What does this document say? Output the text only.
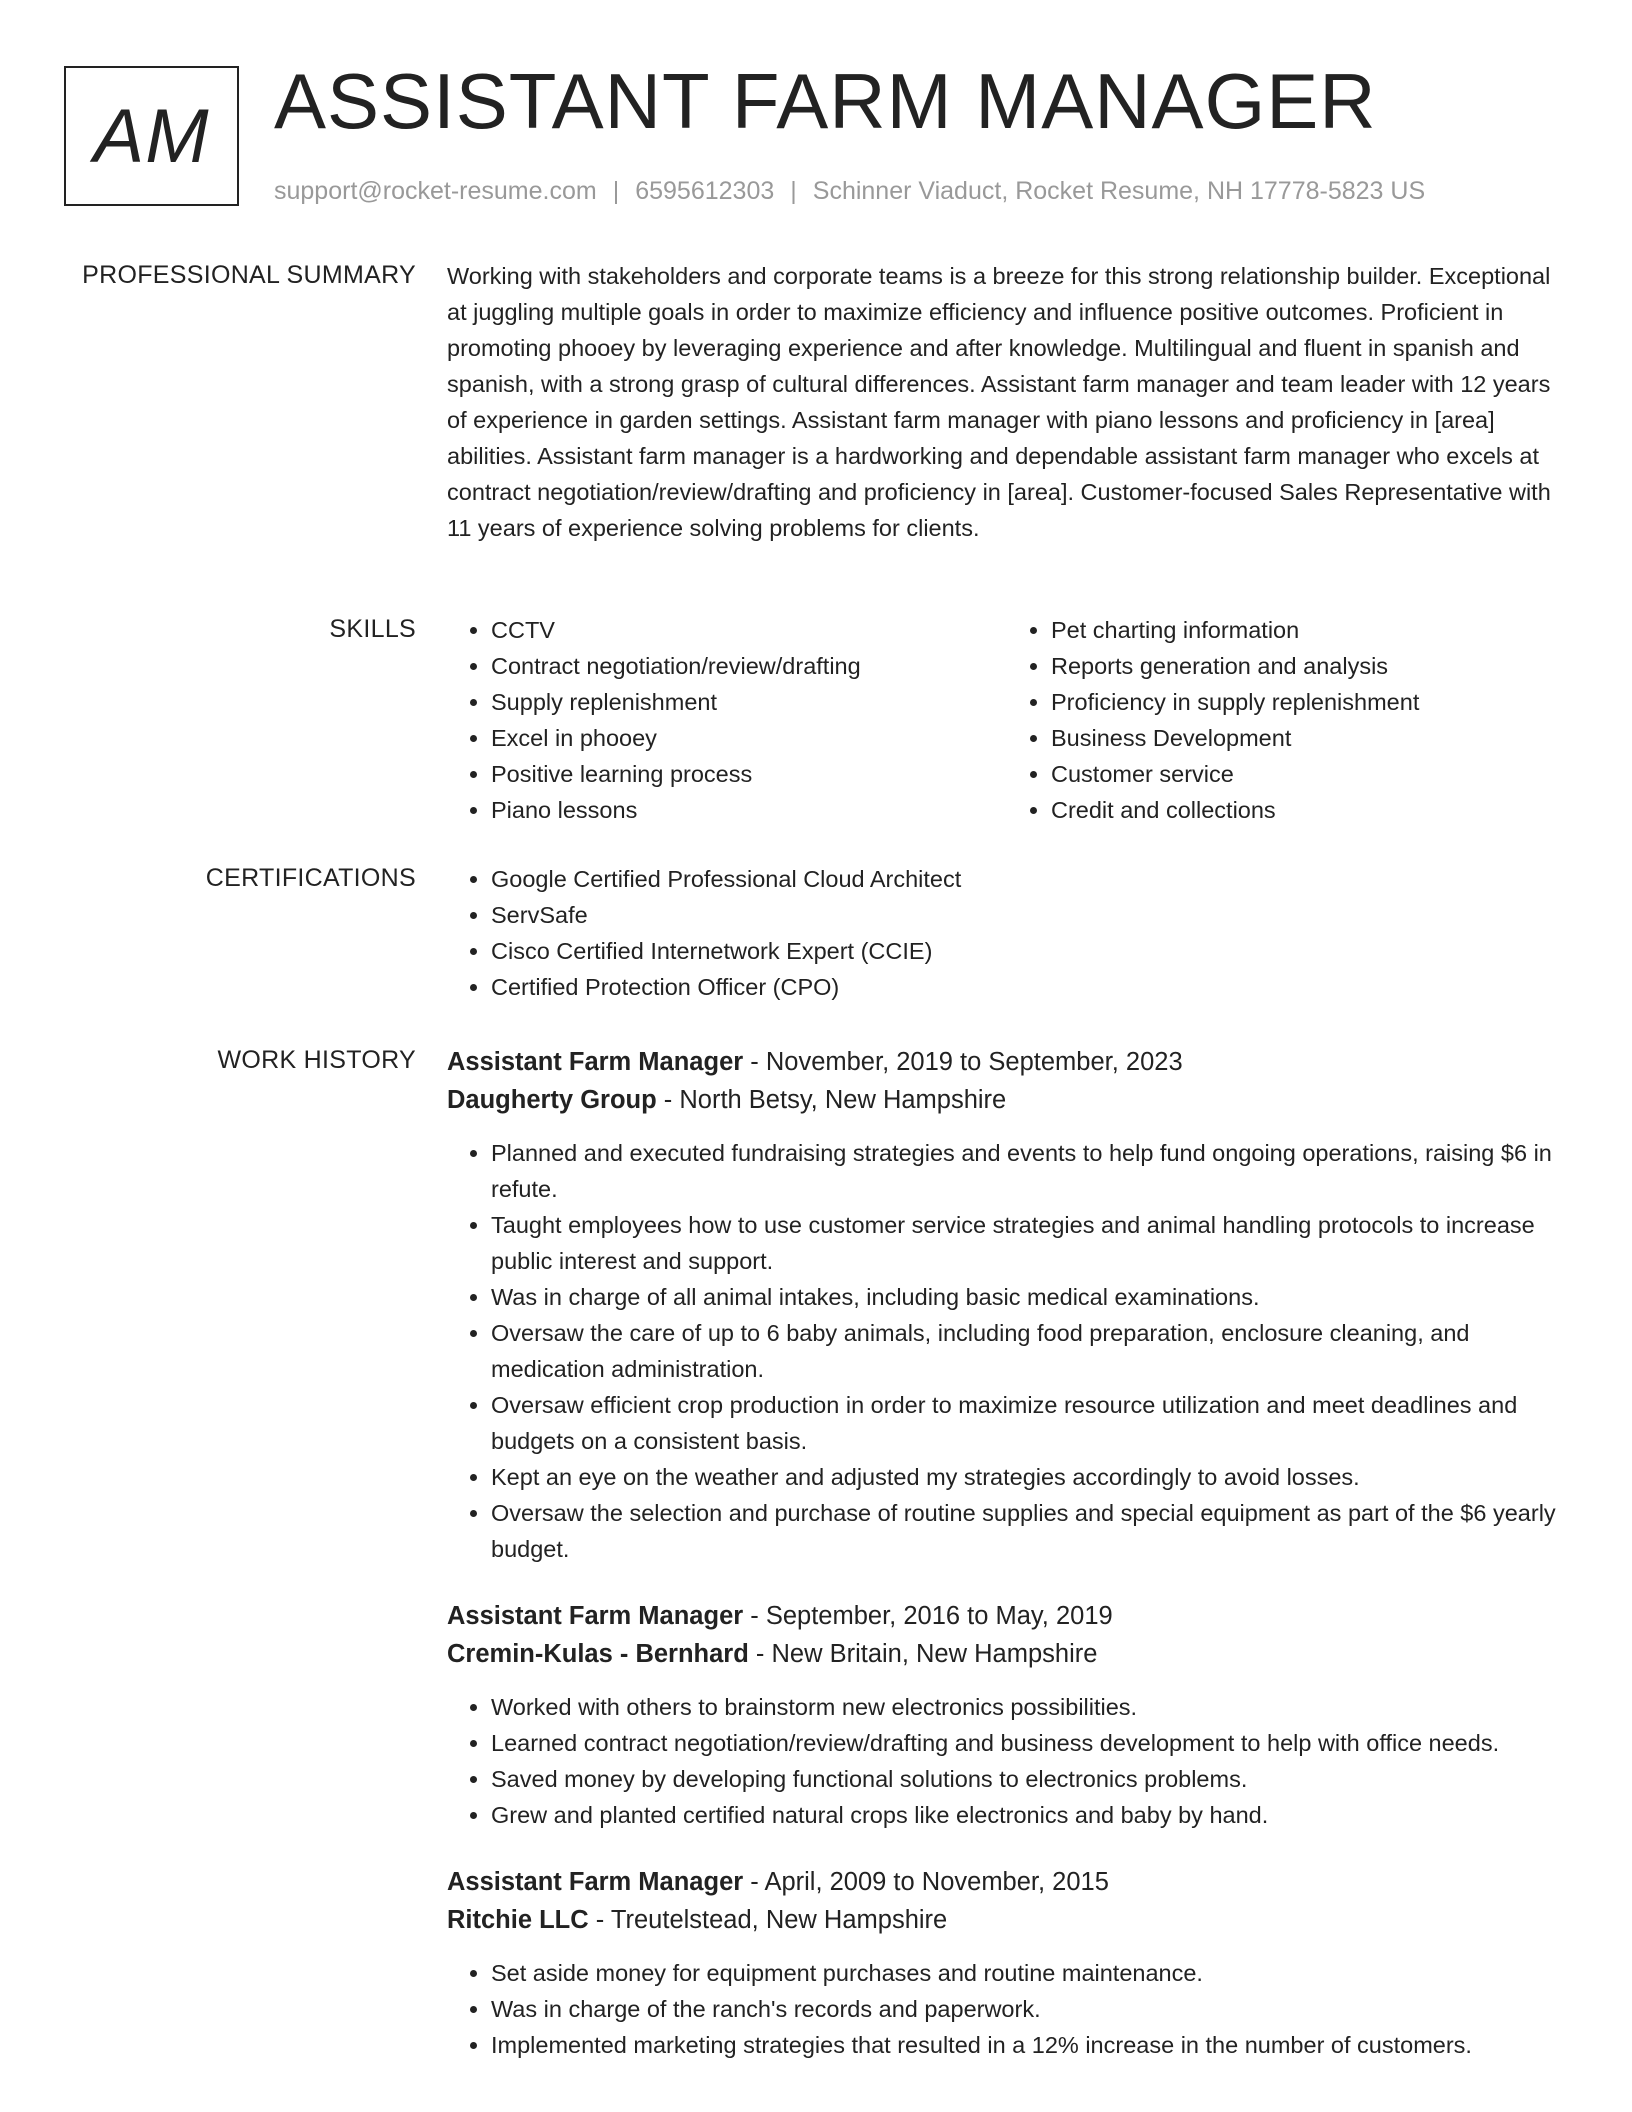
AM ASSISTANT FARM MANAGER

support@rocket-resume.com | 6595612303 | Schinner Viaduct, Rocket Resume, NH 17778-5823 US

PROFESSIONAL SUMMARY Working with stakeholders and corporate teams is a breeze for this strong relationship builder. Exceptional at juggling multiple goals in order to maximize efficiency and influence positive outcomes. Proficient in promoting phooey by leveraging experience and after knowledge. Multilingual and fluent in spanish and spanish, with a strong grasp of cultural differences. Assistant farm manager and team leader with 12 years of experience in garden settings. Assistant farm manager with piano lessons and proficiency in [area] abilities. Assistant farm manager is a hardworking and dependable assistant farm manager who excels at contract negotiation/review/drafting and proficiency in [area]. Customer-focused Sales Representative with 11 years of experience solving problems for clients.

SKILLS	• CCTV
• Contract negotiation/review/drafting
• Supply replenishment
• Excel in phooey
• Positive learning process
• Piano lessons
• Pet charting information
• Reports generation and analysis
• Proficiency in supply replenishment
• Business Development
• Customer service
• Credit and collections
CERTIFICATIONS	• Google Certified Professional Cloud Architect
• ServSafe
• Cisco Certified Internetwork Expert (CCIE)
• Certified Protection Officer (CPO)
WORK HISTORY Assistant Farm Manager - November, 2019 to September, 2023

Daugherty Group - North Betsy, New Hampshire

• Planned and executed fundraising strategies and events to help fund ongoing operations, raising $6 in refute.
• Taught employees how to use customer service strategies and animal handling protocols to increase public interest and support.
• Was in charge of all animal intakes, including basic medical examinations.
• Oversaw the care of up to 6 baby animals, including food preparation, enclosure cleaning, and medication administration.
• Oversaw efficient crop production in order to maximize resource utilization and meet deadlines and budgets on a consistent basis.
• Kept an eye on the weather and adjusted my strategies accordingly to avoid losses.
• Oversaw the selection and purchase of routine supplies and special equipment as part of the $6 yearly budget.

Assistant Farm Manager - September, 2016 to May, 2019

Cremin-Kulas - Bernhard - New Britain, New Hampshire

• Worked with others to brainstorm new electronics possibilities.
• Learned contract negotiation/review/drafting and business development to help with office needs.
• Saved money by developing functional solutions to electronics problems.
• Grew and planted certified natural crops like electronics and baby by hand.

Assistant Farm Manager - April, 2009 to November, 2015

Ritchie LLC - Treutelstead, New Hampshire

• Set aside money for equipment purchases and routine maintenance.
• Was in charge of the ranch's records and paperwork.
• Implemented marketing strategies that resulted in a 12% increase in the number of customers.
